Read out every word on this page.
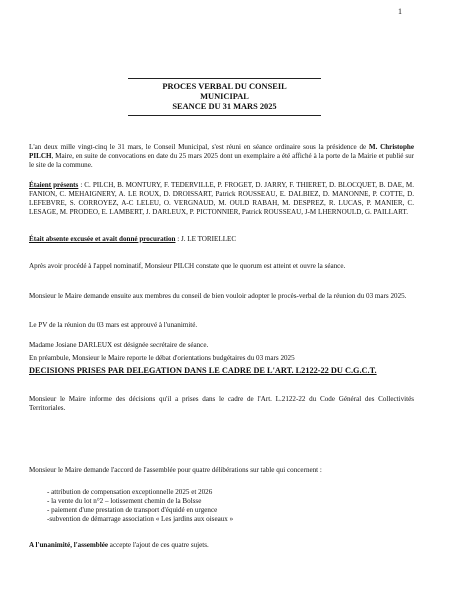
1
PROCES VERBAL DU CONSEIL
MUNICIPAL
SEANCE DU 31 MARS 2025
L'an deux mille vingt-cinq le 31 mars, le Conseil Municipal, s'est réuni en séance ordinaire sous la présidence de M. Christophe PILCH, Maire, en suite de convocations en date du 25 mars 2025 dont un exemplaire a été affiché à la porte de la Mairie et publié sur le site de la commune.
Étaient présents : C. PILCH, B. MONTURY, F. TEDERVILLE, P. FROGET, D. JARRY, F. THIERET, D. BLOCQUET, B. DAE, M. FANION, C. MEHAIGNERY, A. LE ROUX, D. DROISSART, Patrick ROUSSEAU, E. DALBIEZ, D. MANONNE, P. COTTE, D. LEFEBVRE, S. CORROYEZ, A-C LELEU, O. VERGNAUD, M. OULD RABAH, M. DESPREZ, R. LUCAS, P. MANIER, C. LESAGE, M. PRODEO, E. LAMBERT, J. DARLEUX, P. PICTONNIER, Patrick ROUSSEAU, J-M LHERNOULD, G. PAILLART.
Était absente excusée et avait donné procuration : J. LE TORIELLEC
Après avoir procédé à l'appel nominatif, Monsieur PILCH constate que le quorum est atteint et ouvre la séance.
Monsieur le Maire demande ensuite aux membres du conseil de bien vouloir adopter le procès-verbal de la réunion du 03 mars 2025.
Le PV de la réunion du 03 mars est approuvé à l'unanimité.
Madame Josiane DARLEUX est désignée secrétaire de séance.
En préambule, Monsieur le Maire reporte le débat d'orientations budgétaires du 03 mars 2025
DECISIONS PRISES PAR DELEGATION DANS LE CADRE DE L'ART. L2122-22 DU C.G.C.T.
Monsieur le Maire informe des décisions qu'il a prises dans le cadre de l'Art. L.2122-22 du Code Général des Collectivités Territoriales.
Monsieur le Maire demande l'accord de l'assemblée pour quatre délibérations sur table qui concernent :
- attribution de compensation exceptionnelle 2025 et 2026
- la vente du lot n°2 – lotissement chemin de la Bolsse
- paiement d'une prestation de transport d'équidé en urgence
-subvention de démarrage association « Les jardins aux oiseaux »
A l'unanimité, l'assemblée accepte l'ajout de ces quatre sujets.
